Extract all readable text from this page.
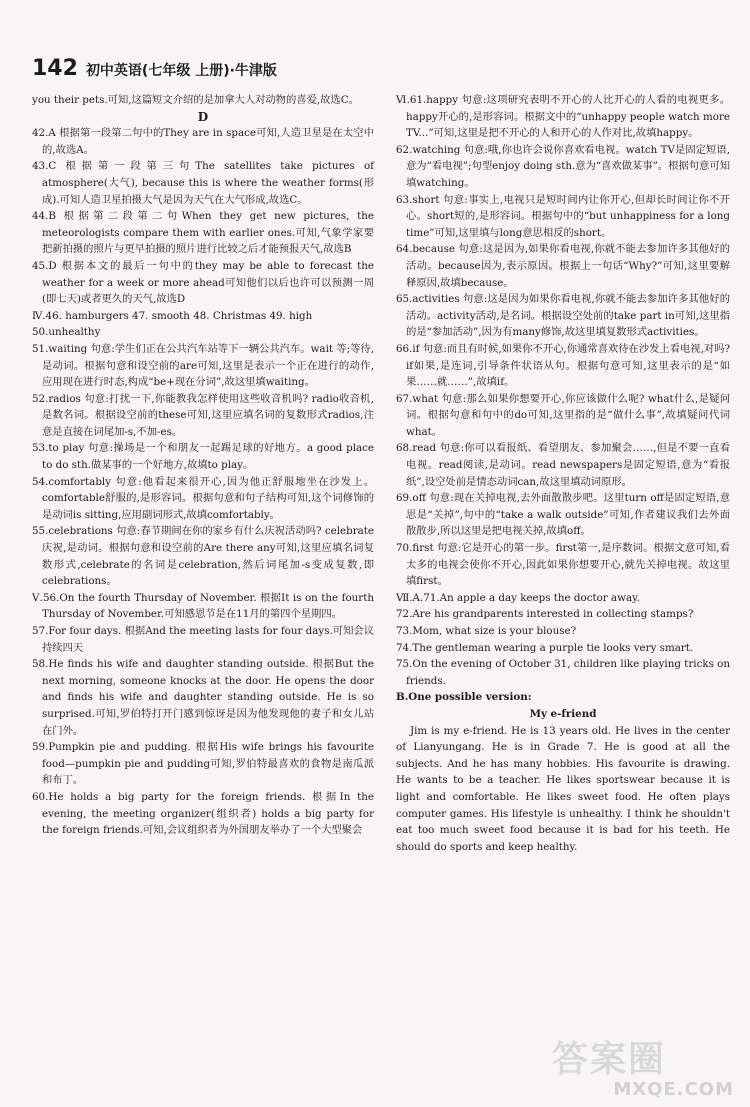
142 初中英语(七年级 上册)·牛津版
you their pets.可知,这篇短文介绍的是加拿大人对动物的喜爱,故选C。
D
42.A 根据第一段第二句中的They are in space可知,人造卫星是在太空中的,故选A。
43.C 根据第一段第三句The satellites take pictures of atmosphere(大气), because this is where the weather forms(形成).可知人造卫星拍摄大气是因为天气在大气形成,故选C。
44.B 根据第二段第二句When they get new pictures, the meteorologists compare them with earlier ones.可知,气象学家要把新拍摄的照片与更早拍摄的照片进行比较之后才能预报天气,故选B
45.D 根据本文的最后一句中的they may be able to forecast the weather for a week or more ahead可知他们以后也许可以预测一周(即七天)或者更久的天气,故选D
Ⅳ.46. hamburgers 47. smooth 48. Christmas 49. high
50.unhealthy
51.waiting 句意:学生们正在公共汽车站等下一辆公共汽车。wait 等;等待,是动词。根据句意和设空前的are可知,这里是表示一个正在进行的动作,应用现在进行时态,构成“be+现在分词”,故这里填waiting。
52.radios 句意:打扰一下,你能教我怎样使用这些收音机吗? radio收音机,是数名词。根据设空前的these可知,这里应填名词的复数形式radios,注意是直接在词尾加-s,不加-es。
53.to play 句意:操场是一个和朋友一起踢足球的好地方。a good place to do sth.做某事的一个好地方,故填to play。
54.comfortably 句意:他看起来很开心,因为他正舒服地坐在沙发上。comfortable舒服的,是形容词。根据句意和句子结构可知,这个词修饰的是动词is sitting,应用副词形式,故填comfortably。
55.celebrations 句意:春节期间在你的家乡有什么庆祝活动吗? celebrate庆祝,是动词。根据句意和设空前的Are there any可知,这里应填名词复数形式,celebrate的名词是celebration,然后词尾加-s变成复数,即celebrations。
Ⅴ.56.On the fourth Thursday of November. 根据It is on the fourth Thursday of November.可知感恩节是在11月的第四个星期四。
57.For four days. 根据And the meeting lasts for four days.可知会议持续四天
58.He finds his wife and daughter standing outside. 根据But the next morning, someone knocks at the door. He opens the door and finds his wife and daughter standing outside. He is so surprised.可知,罗伯特打开门感到惊讶是因为他发现他的妻子和女儿站在门外。
59.Pumpkin pie and pudding. 根据His wife brings his favourite food—pumpkin pie and pudding可知,罗伯特最喜欢的食物是南瓜派和布丁。
60.He holds a big party for the foreign friends. 根据In the evening, the meeting organizer(组织者) holds a big party for the foreign friends.可知,会议组织者为外国朋友举办了一个大型聚会
Ⅵ.61.happy 句意:这项研究表明不开心的人比开心的人看的电视更多。happy开心的,是形容词。根据文中的“unhappy people watch more TV...”可知,这里是把不开心的人和开心的人作对比,故填happy。
62.watching 句意:哦,你也许会说你喜欢看电视。watch TV是固定短语,意为“看电视”;句型enjoy doing sth.意为“喜欢做某事”。根据句意可知填watching。
63.short 句意:事实上,电视只是短时间内让你开心,但却长时间让你不开心。short短的,是形容词。根据句中的“but unhappiness for a long time”可知,这里填与long意思相反的short。
64.because 句意:这是因为,如果你看电视,你就不能去参加许多其他好的活动。because因为,表示原因。根据上一句话“Why?”可知,这里要解释原因,故填because。
65.activities 句意:这是因为如果你看电视,你就不能去参加许多其他好的活动。activity活动,是名词。根据设空处前的take part in可知,这里指的是“参加活动”,因为有many修饰,故这里填复数形式activities。
66.if 句意:而且有时候,如果你不开心,你通常喜欢待在沙发上看电视,对吗? if如果,是连词,引导条件状语从句。根据句意可知,这里表示的是“如果……就……”,故填if。
67.what 句意:那么如果你想要开心,你应该做什么呢? what什么,是疑问词。根据句意和句中的do可知,这里指的是“做什么事”,故填疑问代词what。
68.read 句意:你可以看报纸、看望朋友、参加聚会……,但是不要一直看电视。read阅读,是动词。read newspapers是固定短语,意为“看报纸”,设空处前是情态动词can,故这里填动词原形。
69.off 句意:现在关掉电视,去外面散散步吧。这里turn off是固定短语,意思是“关掉”,句中的“take a walk outside”可知,作者建议我们去外面散散步,所以这里是把电视关掉,故填off。
70.first 句意:它是开心的第一步。first第一,是序数词。根据文意可知,看太多的电视会使你不开心,因此如果你想要开心,就先关掉电视。故这里填first。
Ⅶ.A.71.An apple a day keeps the doctor away.
72.Are his grandparents interested in collecting stamps?
73.Mom, what size is your blouse?
74.The gentleman wearing a purple tie looks very smart.
75.On the evening of October 31, children like playing tricks on friends.
B.One possible version:
My e-friend
Jim is my e-friend. He is 13 years old. He lives in the center of Lianyungang. He is in Grade 7. He is good at all the subjects. And he has many hobbies. His favourite is drawing. He wants to be a teacher. He likes sportswear because it is light and comfortable. He likes sweet food. He often plays computer games. His lifestyle is unhealthy. I think he shouldn't eat too much sweet food because it is bad for his teeth. He should do sports and keep healthy.
答案圈
MXQE.COM
